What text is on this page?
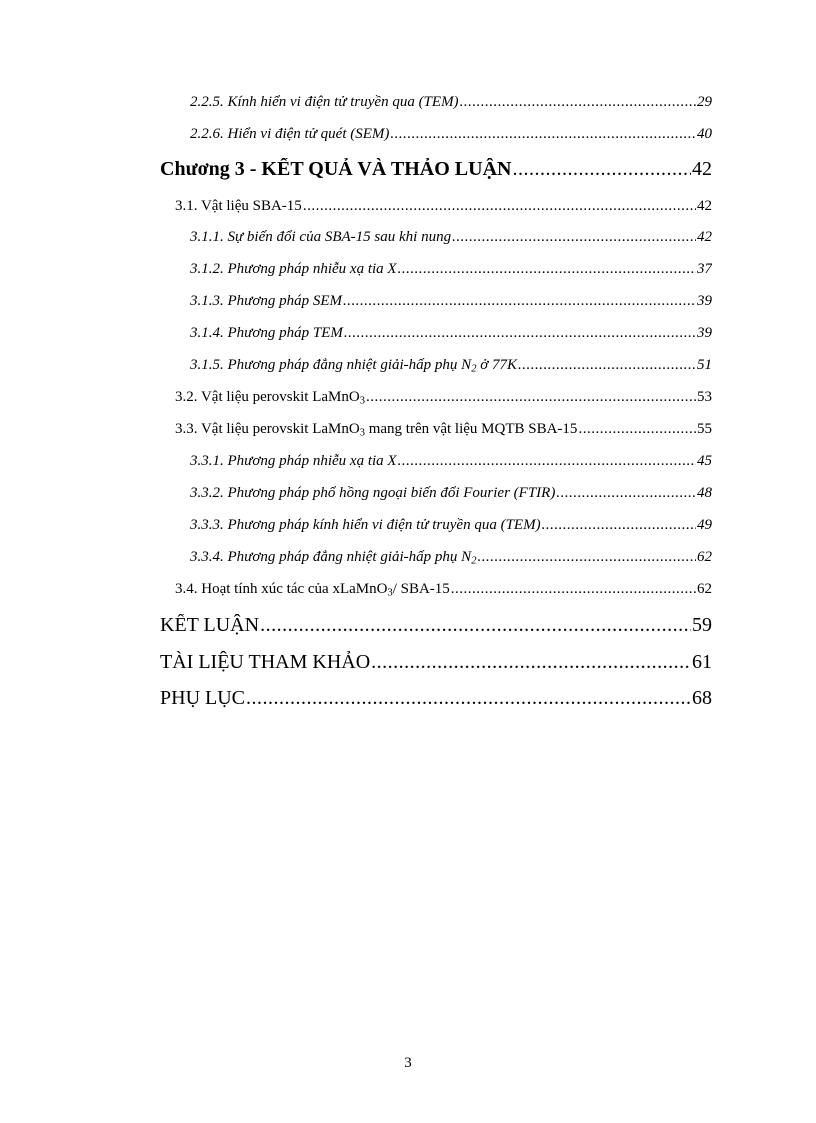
2.2.5. Kính hiển vi điện tử truyền qua (TEM) .....	29
2.2.6. Hiển vi điện tử quét (SEM) .....	40
Chương 3 - KẾT QUẢ VÀ THẢO LUẬN .....	42
3.1. Vật liệu SBA-15 .....	42
3.1.1. Sự biến đổi của SBA-15 sau khi nung .....	42
3.1.2. Phương pháp nhiễu xạ tia X .....	37
3.1.3. Phương pháp SEM .....	39
3.1.4. Phương pháp TEM .....	39
3.1.5. Phương pháp đẳng nhiệt giải-hấp phụ $N_2$ ở 77K .....	51
3.2. Vật liệu perovskit LaMnO$_3$ .....	53
3.3. Vật liệu perovskit LaMnO$_3$ mang trên vật liệu MQTB SBA-15 .....	55
3.3.1. Phương pháp nhiễu xạ tia X .....	45
3.3.2. Phương pháp phổ hồng ngoại biến đổi Fourier (FTIR) .....	48
3.3.3. Phương pháp kính hiển vi điện tử truyền qua (TEM) .....	49
3.3.4. Phương pháp đẳng nhiệt giải-hấp phụ $N_2$ .....	62
3.4. Hoạt tính xúc tác của xLaMnO$_3$/ SBA-15 .....	62
KẾT LUẬN .....	59
TÀI LIỆU THAM KHẢO .....	61
PHỤ LỤC .....	68
3
